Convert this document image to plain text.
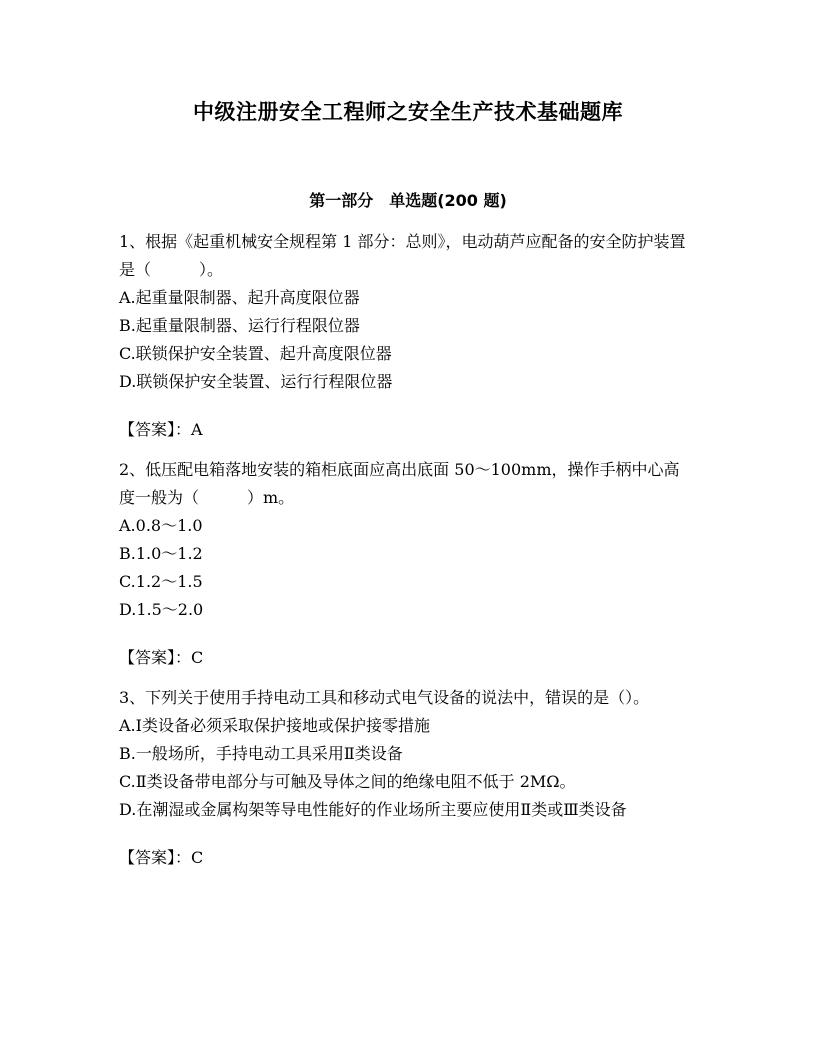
中级注册安全工程师之安全生产技术基础题库
第一部分　单选题(200 题)

1、根据《起重机械安全规程第 1 部分：总则》，电动葫芦应配备的安全防护装置是（　　　）。

A.起重量限制器、起升高度限位器

B.起重量限制器、运行行程限位器

C.联锁保护安全装置、起升高度限位器

D.联锁保护安全装置、运行行程限位器

【答案】：A

2、低压配电箱落地安装的箱柜底面应高出底面 50～100mm，操作手柄中心高度一般为（　　　）m。

A.0.8～1.0

B.1.0～1.2

C.1.2～1.5

D.1.5～2.0

【答案】：C

3、下列关于使用手持电动工具和移动式电气设备的说法中，错误的是（）。

A.Ⅰ类设备必须采取保护接地或保护接零措施

B.一般场所，手持电动工具采用Ⅱ类设备

C.Ⅱ类设备带电部分与可触及导体之间的绝缘电阻不低于 2MΩ。

D.在潮湿或金属构架等导电性能好的作业场所主要应使用Ⅱ类或Ⅲ类设备

【答案】：C
